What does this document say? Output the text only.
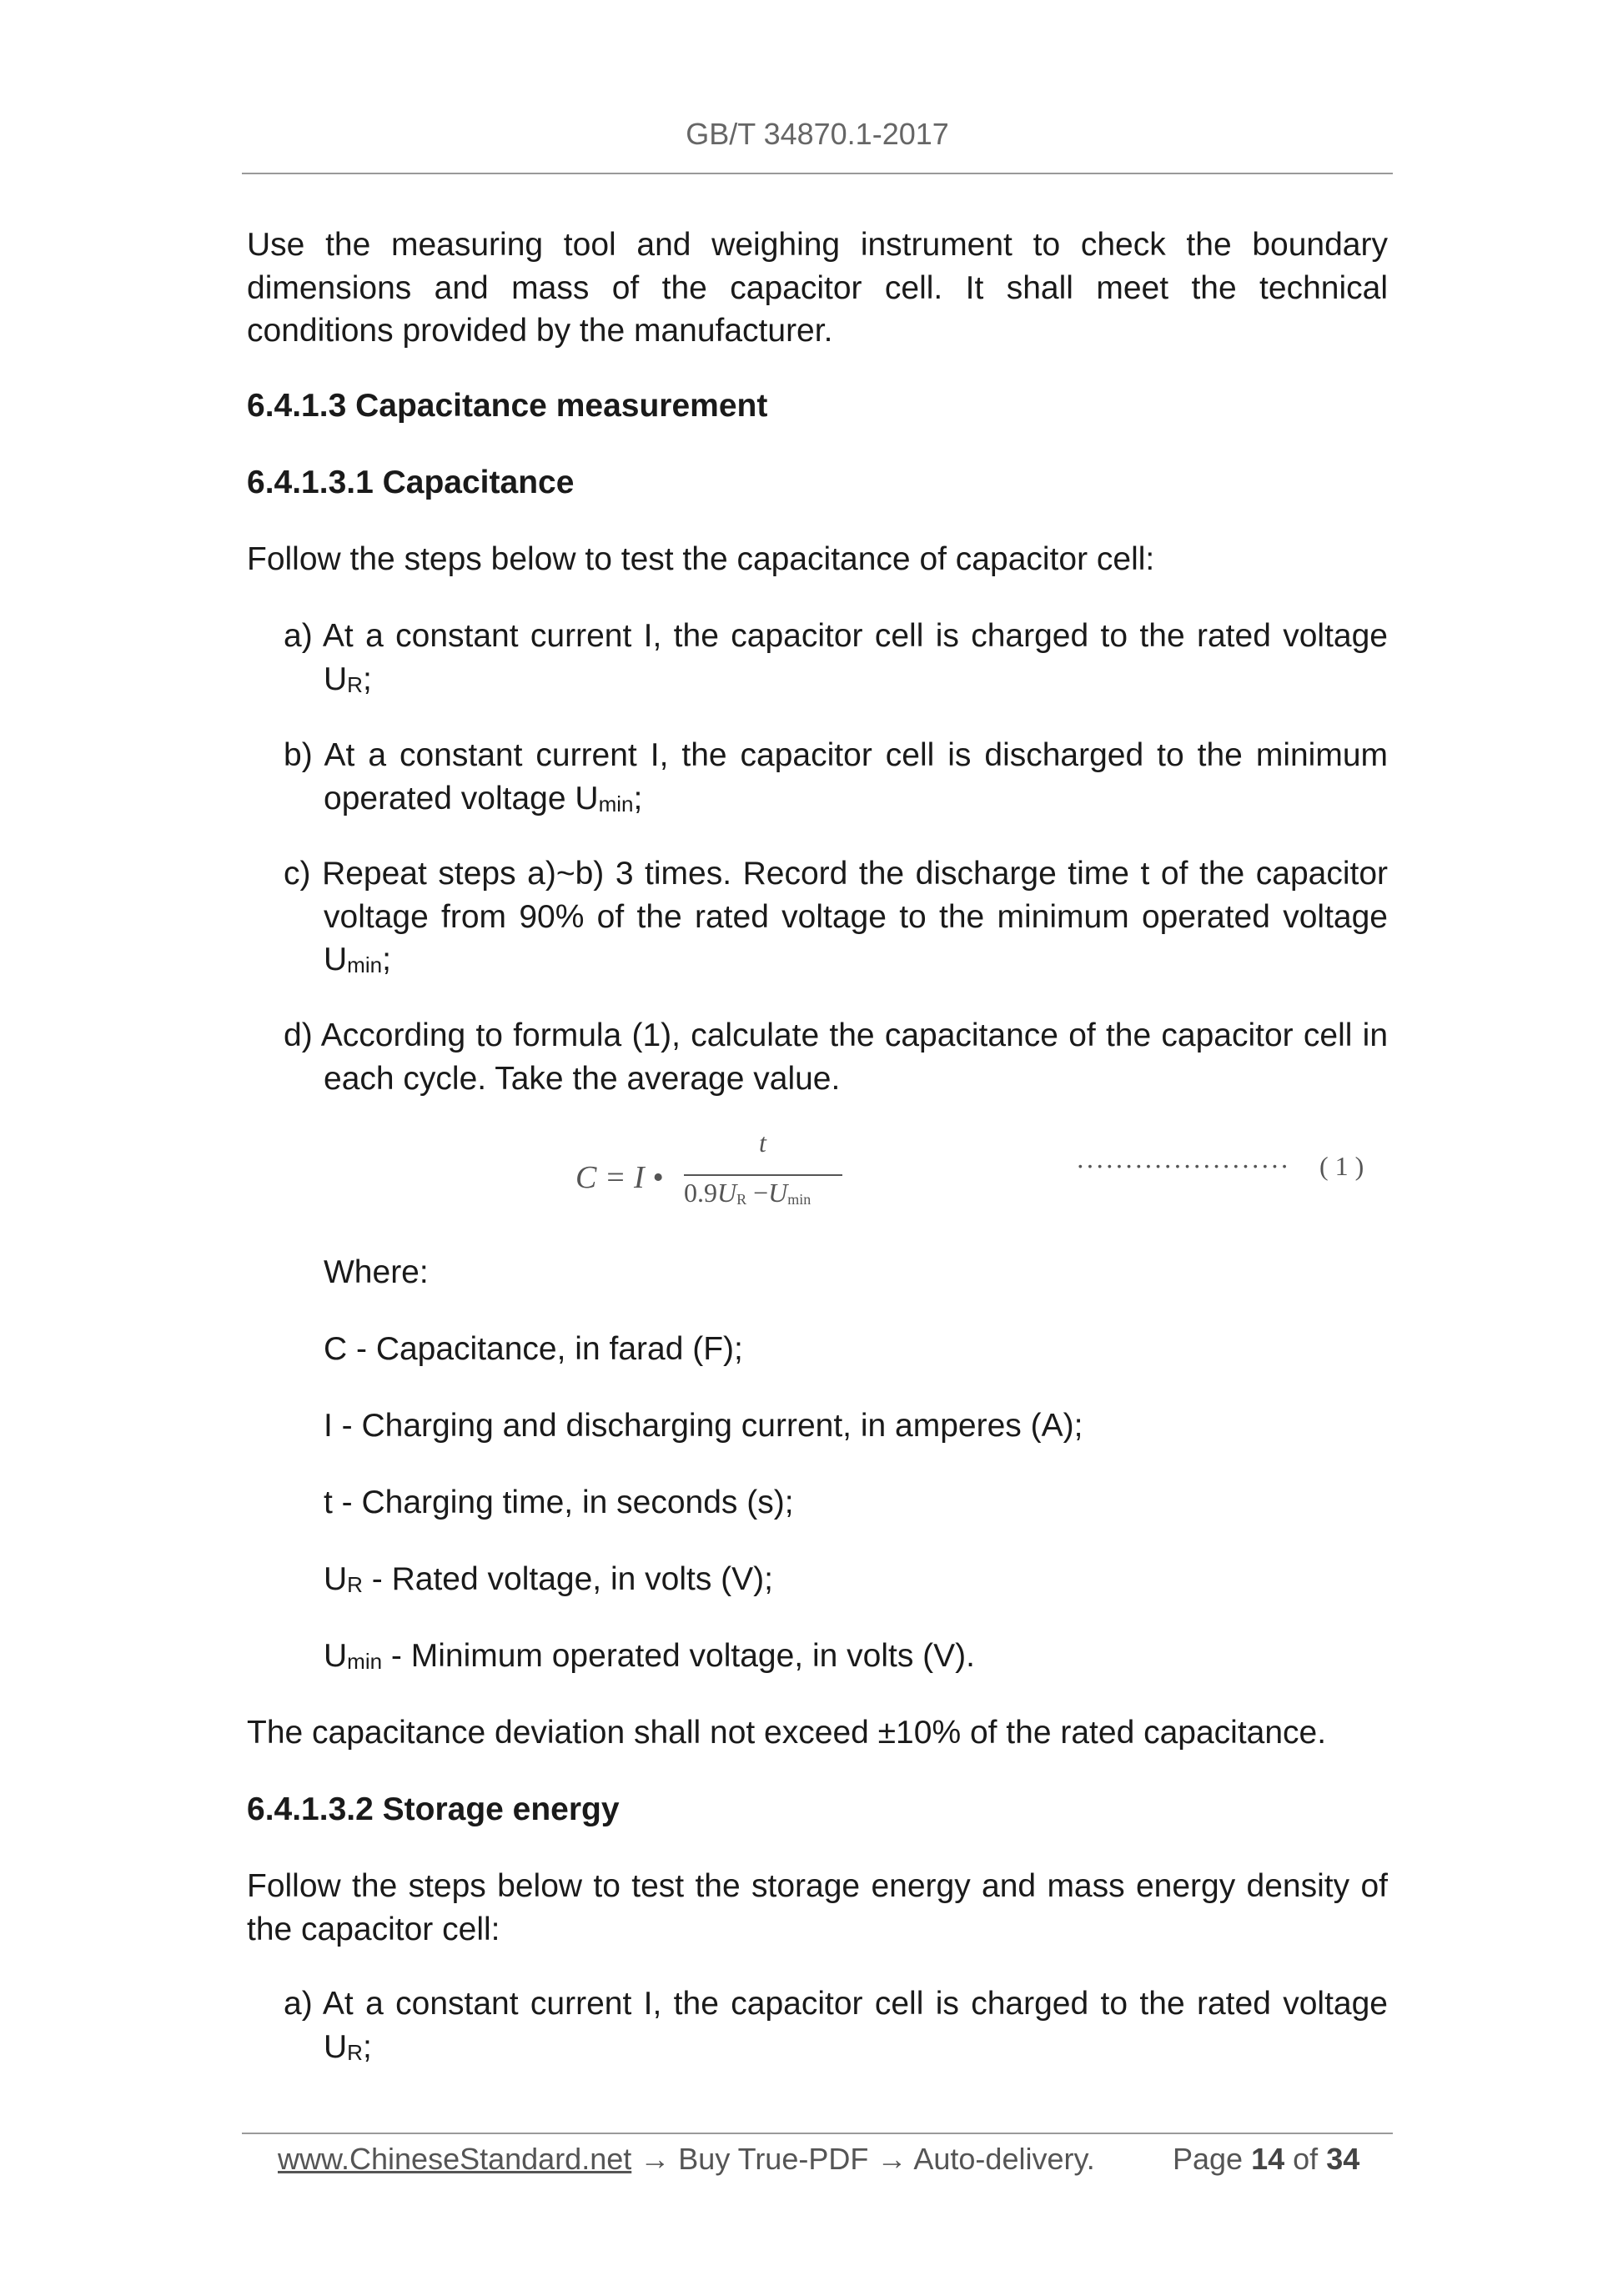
GB/T 34870.1-2017

Use the measuring tool and weighing instrument to check the boundary dimensions and mass of the capacitor cell. It shall meet the technical conditions provided by the manufacturer.

6.4.1.3 Capacitance measurement
6.4.1.3.1 Capacitance

Follow the steps below to test the capacitance of capacitor cell:

a) At a constant current I, the capacitor cell is charged to the rated voltage $U_R$;
b) At a constant current I, the capacitor cell is discharged to the minimum operated voltage $U_{min}$;
c) Repeat steps a)~b) 3 times. Record the discharge time t of the capacitor voltage from 90% of the rated voltage to the minimum operated voltage $U_{min}$;
d) According to formula (1), calculate the capacitance of the capacitor cell in each cycle. Take the average value.
C = I •
t
$0.9U_R -U_{min}$
······················ ( 1 )
Where:
C - Capacitance, in farad (F);
I - Charging and discharging current, in amperes (A);
t - Charging time, in seconds (s);
$U_R$ - Rated voltage, in volts (V);
$U_{min}$ - Minimum operated voltage, in volts (V).

The capacitance deviation shall not exceed ±10% of the rated capacitance.

6.4.1.3.2 Storage energy

Follow the steps below to test the storage energy and mass energy density of the capacitor cell:

a) At a constant current I, the capacitor cell is charged to the rated voltage $U_R$;
www.ChineseStandard.net → Buy True-PDF → Auto-delivery.	Page 14 of 34
